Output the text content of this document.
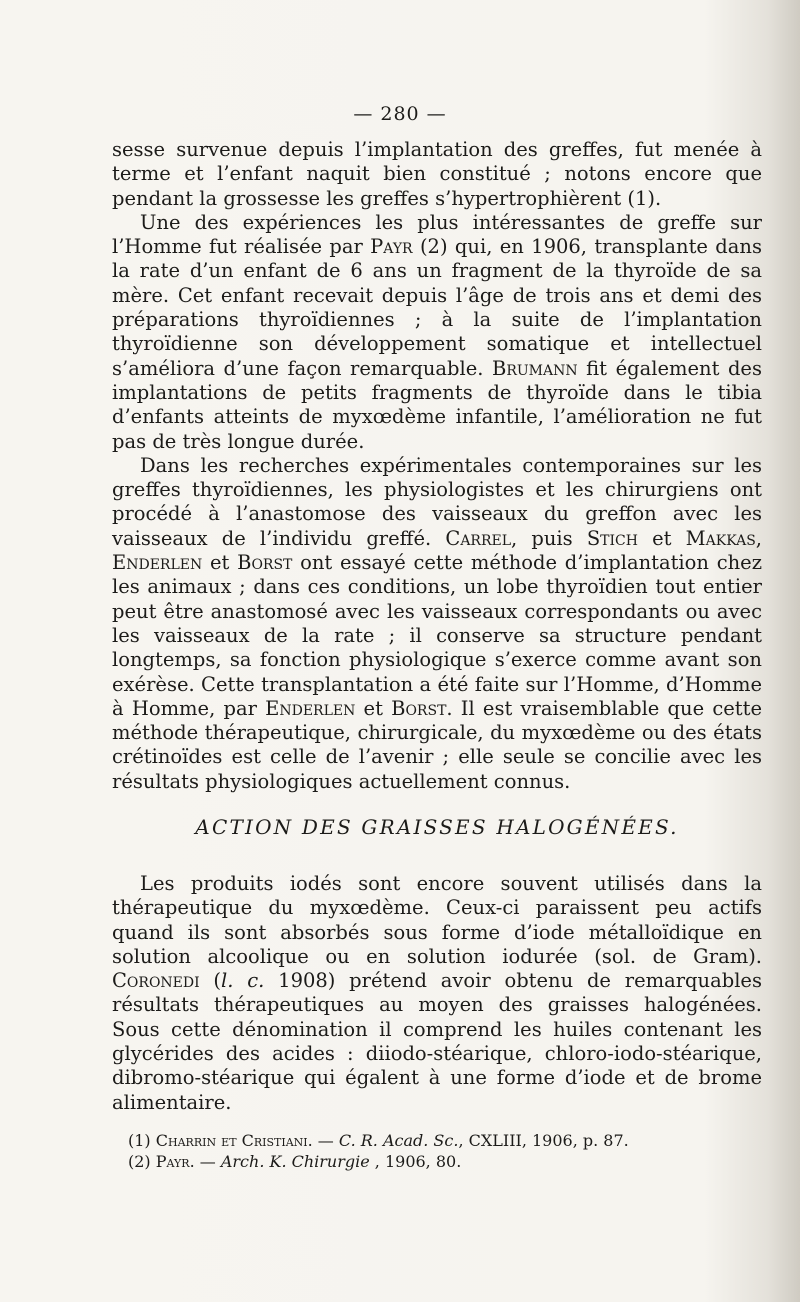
— 280 —

sesse survenue depuis l’implantation des greffes, fut menée à terme et l’enfant naquit bien constitué ; notons encore que pendant la grossesse les greffes s’hypertrophièrent (1).

Une des expériences les plus intéressantes de greffe sur l’Homme fut réalisée par Payr (2) qui, en 1906, transplante dans la rate d’un enfant de 6 ans un fragment de la thyroïde de sa mère. Cet enfant recevait depuis l’âge de trois ans et demi des préparations thyroïdiennes ; à la suite de l’implantation thyroïdienne son développement somatique et intellectuel s’améliora d’une façon remarquable. Brumann fit également des implantations de petits fragments de thyroïde dans le tibia d’enfants atteints de myxœdème infantile, l’amélioration ne fut pas de très longue durée.

Dans les recherches expérimentales contemporaines sur les greffes thyroïdiennes, les physiologistes et les chirurgiens ont procédé à l’anastomose des vaisseaux du greffon avec les vaisseaux de l’individu greffé. Carrel, puis Stich et Makkas, Enderlen et Borst ont essayé cette méthode d’implantation chez les animaux ; dans ces conditions, un lobe thyroïdien tout entier peut être anastomosé avec les vaisseaux correspondants ou avec les vaisseaux de la rate ; il conserve sa structure pendant longtemps, sa fonction physiologique s’exerce comme avant son exérèse. Cette transplantation a été faite sur l’Homme, d’Homme à Homme, par Enderlen et Borst. Il est vraisemblable que cette méthode thérapeutique, chirurgicale, du myxœdème ou des états crétinoïdes est celle de l’avenir ; elle seule se concilie avec les résultats physiologiques actuellement connus.

ACTION DES GRAISSES HALOGÉNÉES.

Les produits iodés sont encore souvent utilisés dans la thérapeutique du myxœdème. Ceux-ci paraissent peu actifs quand ils sont absorbés sous forme d’iode métalloïdique en solution alcoolique ou en solution iodurée (sol. de Gram). Coronedi (l. c. 1908) prétend avoir obtenu de remarquables résultats thérapeutiques au moyen des graisses halogénées. Sous cette dénomination il comprend les huiles contenant les glycérides des acides : diiodo-stéarique, chloro-iodo-stéarique, dibromo-stéarique qui égalent à une forme d’iode et de brome alimentaire.

(1) Charrin et Cristiani. — C. R. Acad. Sc., CXLIII, 1906, p. 87.
(2) Payr. — Arch. K. Chirurgie , 1906, 80.
